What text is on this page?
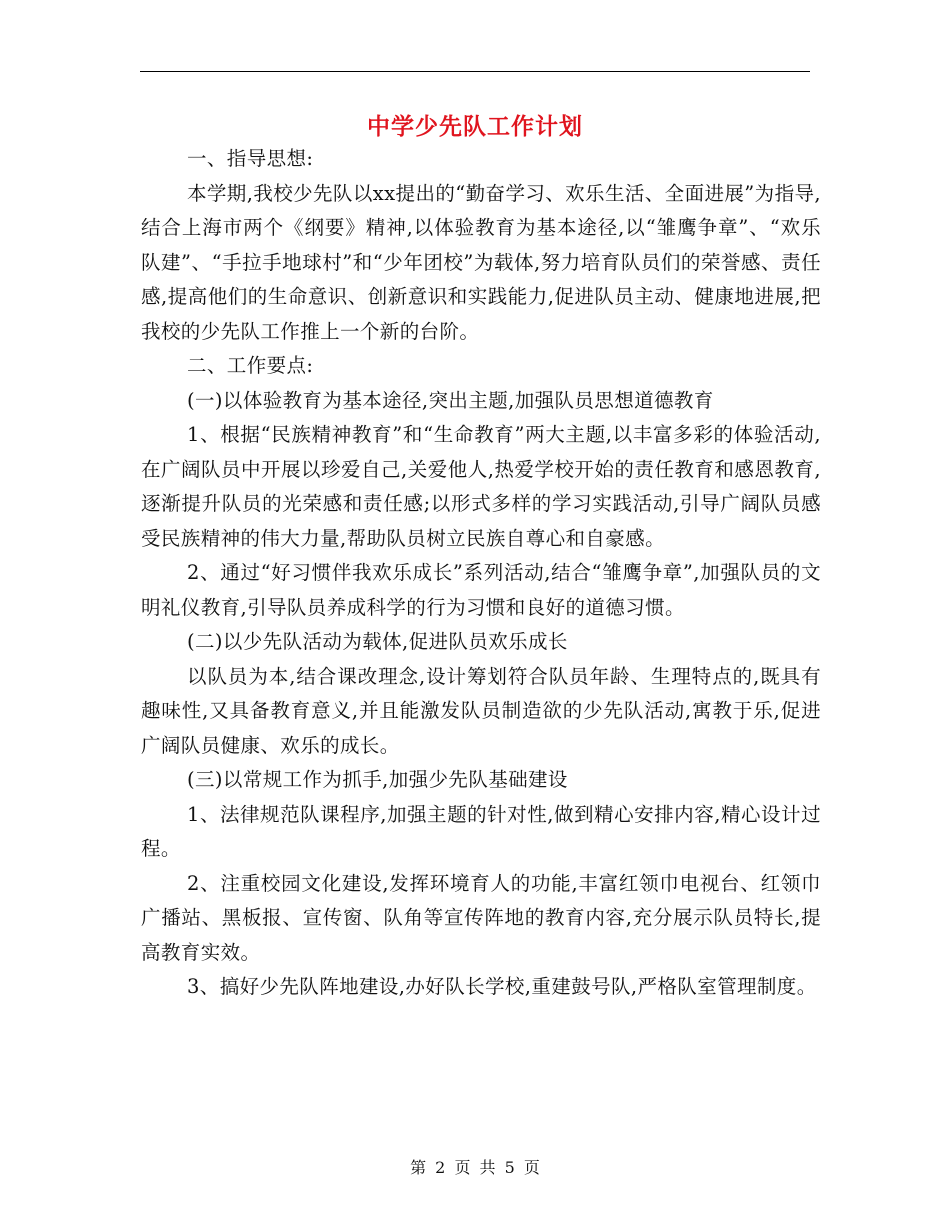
中学少先队工作计划

一、指导思想:

本学期,我校少先队以xx提出的“勤奋学习、欢乐生活、全面进展”为指导,结合上海市两个《纲要》精神,以体验教育为基本途径,以“雏鹰争章”、“欢乐队建”、“手拉手地球村”和“少年团校”为载体,努力培育队员们的荣誉感、责任感,提高他们的生命意识、创新意识和实践能力,促进队员主动、健康地进展,把我校的少先队工作推上一个新的台阶。

二、工作要点:

(一)以体验教育为基本途径,突出主题,加强队员思想道德教育

1、根据“民族精神教育”和“生命教育”两大主题,以丰富多彩的体验活动,在广阔队员中开展以珍爱自己,关爱他人,热爱学校开始的责任教育和感恩教育,逐渐提升队员的光荣感和责任感;以形式多样的学习实践活动,引导广阔队员感受民族精神的伟大力量,帮助队员树立民族自尊心和自豪感。

2、通过“好习惯伴我欢乐成长”系列活动,结合“雏鹰争章”,加强队员的文明礼仪教育,引导队员养成科学的行为习惯和良好的道德习惯。

(二)以少先队活动为载体,促进队员欢乐成长

以队员为本,结合课改理念,设计筹划符合队员年龄、生理特点的,既具有趣味性,又具备教育意义,并且能激发队员制造欲的少先队活动,寓教于乐,促进广阔队员健康、欢乐的成长。

(三)以常规工作为抓手,加强少先队基础建设

1、法律规范队课程序,加强主题的针对性,做到精心安排内容,精心设计过程。

2、注重校园文化建设,发挥环境育人的功能,丰富红领巾电视台、红领巾广播站、黑板报、宣传窗、队角等宣传阵地的教育内容,充分展示队员特长,提高教育实效。

3、搞好少先队阵地建设,办好队长学校,重建鼓号队,严格队室管理制度。

第 2 页 共 5 页
